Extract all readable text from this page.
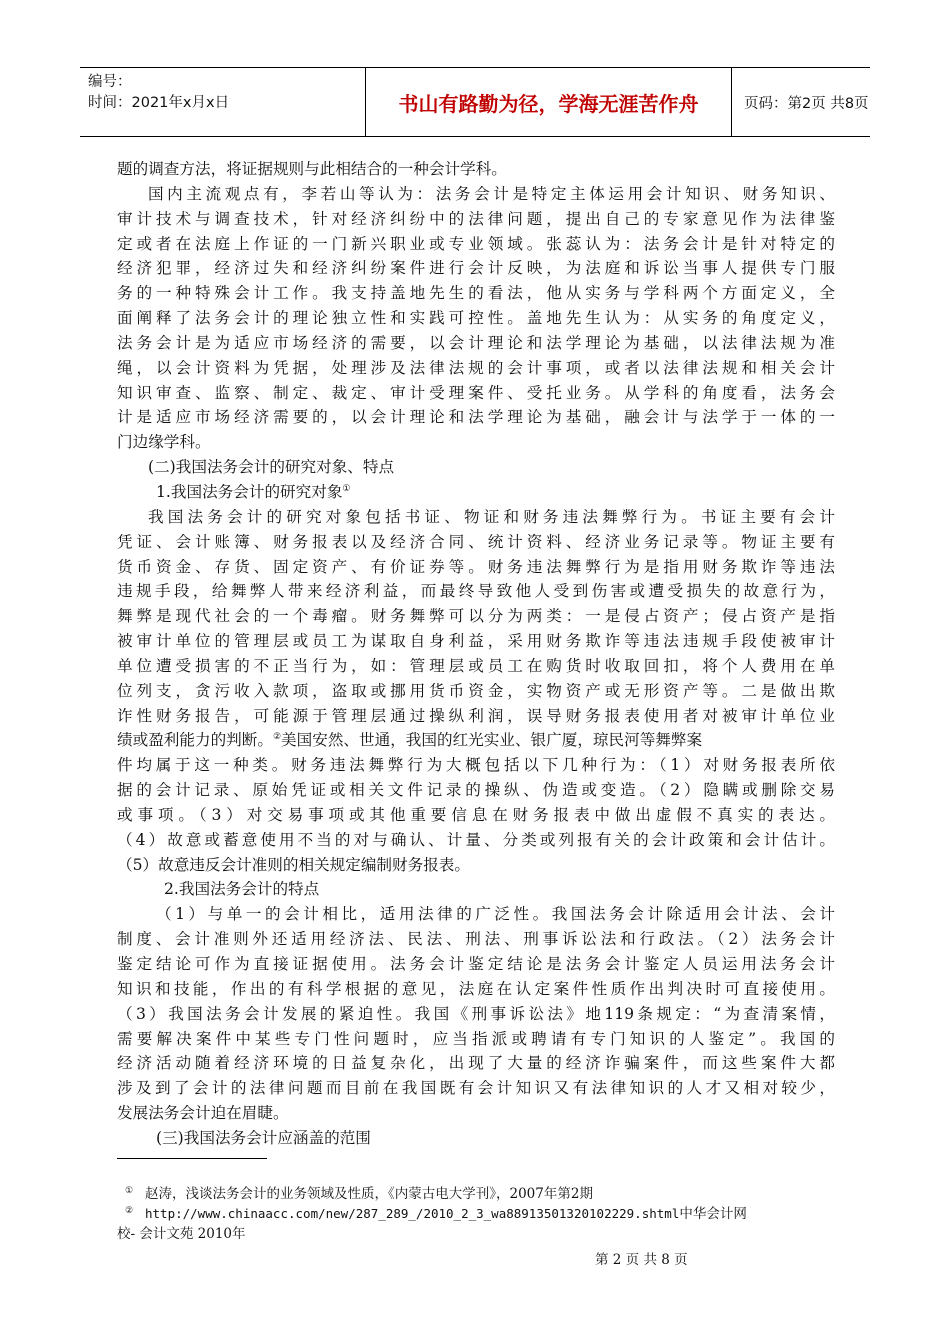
编号：
时间：2021年x月x日	书山有路勤为径，学海无涯苦作舟	页码：第2页 共8页
题的调查方法，将证据规则与此相结合的一种会计学科。
国内主流观点有，李若山等认为：法务会计是特定主体运用会计知识、财务知识、
审计技术与调查技术，针对经济纠纷中的法律问题，提出自己的专家意见作为法律鉴
定或者在法庭上作证的一门新兴职业或专业领域。张蕊认为：法务会计是针对特定的
经济犯罪，经济过失和经济纠纷案件进行会计反映，为法庭和诉讼当事人提供专门服
务的一种特殊会计工作。我支持盖地先生的看法，他从实务与学科两个方面定义，全
面阐释了法务会计的理论独立性和实践可控性。盖地先生认为：从实务的角度定义，
法务会计是为适应市场经济的需要，以会计理论和法学理论为基础，以法律法规为准
绳，以会计资料为凭据，处理涉及法律法规的会计事项，或者以法律法规和相关会计
知识审查、监察、制定、裁定、审计受理案件、受托业务。从学科的角度看，法务会
计是适应市场经济需要的，以会计理论和法学理论为基础，融会计与法学于一体的一
门边缘学科。
(二)我国法务会计的研究对象、特点
1.我国法务会计的研究对象①
我国法务会计的研究对象包括书证、物证和财务违法舞弊行为。书证主要有会计
凭证、会计账簿、财务报表以及经济合同、统计资料、经济业务记录等。物证主要有
货币资金、存货、固定资产、有价证券等。财务违法舞弊行为是指用财务欺诈等违法
违规手段，给舞弊人带来经济利益，而最终导致他人受到伤害或遭受损失的故意行为，
舞弊是现代社会的一个毒瘤。财务舞弊可以分为两类：一是侵占资产；侵占资产是指
被审计单位的管理层或员工为谋取自身利益，采用财务欺诈等违法违规手段使被审计
单位遭受损害的不正当行为，如：管理层或员工在购货时收取回扣，将个人费用在单
位列支，贪污收入款项，盗取或挪用货币资金，实物资产或无形资产等。二是做出欺
诈性财务报告，可能源于管理层通过操纵利润，误导财务报表使用者对被审计单位业
绩或盈利能力的判断。②美国安然、世通，我国的红光实业、银广厦，琼民河等舞弊案
件均属于这一种类。财务违法舞弊行为大概包括以下几种行为：（1）对财务报表所依
据的会计记录、原始凭证或相关文件记录的操纵、伪造或变造。（2）隐瞒或删除交易
或事项。（3）对交易事项或其他重要信息在财务报表中做出虚假不真实的表达。
（4）故意或蓄意使用不当的对与确认、计量、分类或列报有关的会计政策和会计估计。
（5）故意违反会计准则的相关规定编制财务报表。
2.我国法务会计的特点
（1）与单一的会计相比，适用法律的广泛性。我国法务会计除适用会计法、会计
制度、会计准则外还适用经济法、民法、刑法、刑事诉讼法和行政法。（2）法务会计
鉴定结论可作为直接证据使用。法务会计鉴定结论是法务会计鉴定人员运用法务会计
知识和技能，作出的有科学根据的意见，法庭在认定案件性质作出判决时可直接使用。
（3）我国法务会计发展的紧迫性。我国《刑事诉讼法》地119条规定：“为查清案情，
需要解决案件中某些专门性问题时，应当指派或聘请有专门知识的人鉴定”。我国的
经济活动随着经济环境的日益复杂化，出现了大量的经济诈骗案件，而这些案件大都
涉及到了会计的法律问题而目前在我国既有会计知识又有法律知识的人才又相对较少，
发展法务会计迫在眉睫。
(三)我国法务会计应涵盖的范围
① 赵涛，浅谈法务会计的业务领域及性质，《内蒙古电大学刊》，2007年第2期
② http://www.chinaacc.com/new/287_289_/2010_2_3_wa88913501320102229.shtml中华会计网
校- 会计文苑 2010年
第 2 页 共 8 页
